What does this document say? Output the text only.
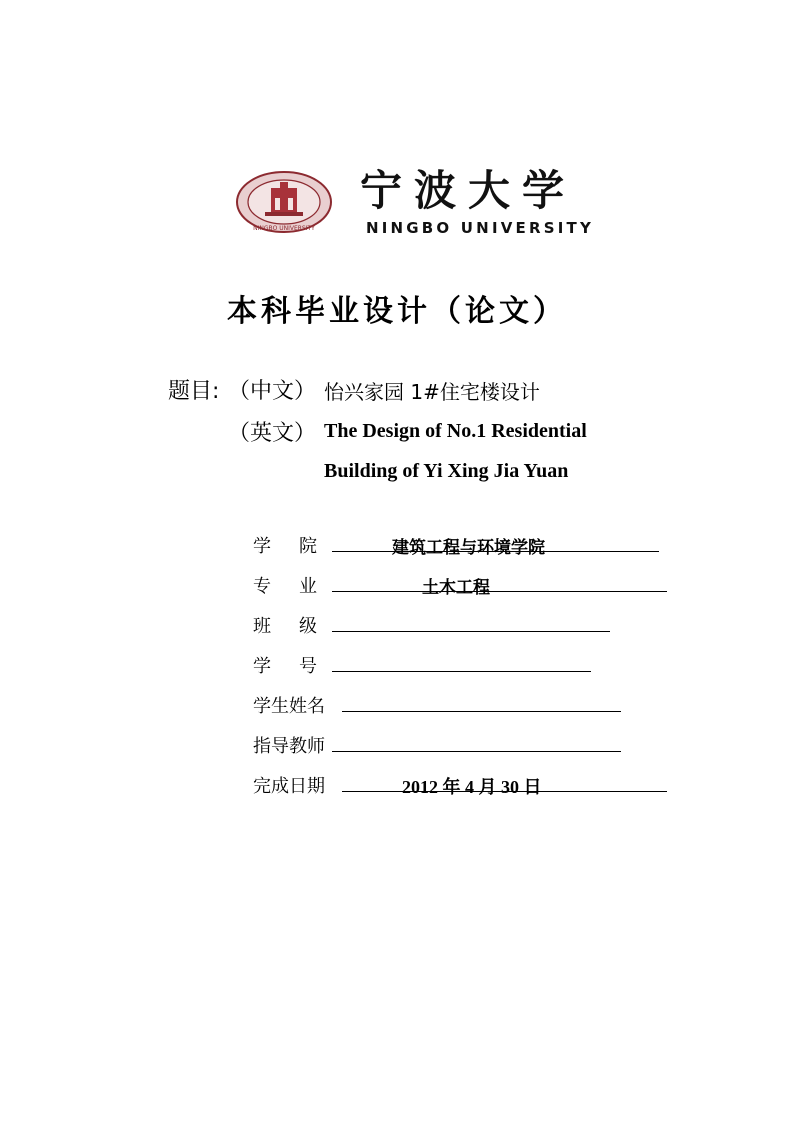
NINGBO UNIVERSITY
宁波大学
NINGBO UNIVERSITY
本科毕业设计（论文）
题目: （中文） 怡兴家园 1#住宅楼设计
（英文） The Design of No.1 Residential
Building of Yi Xing Jia Yuan
学院	建筑工程与环境学院
专业	土木工程
班级
学号
学生姓名
指导教师
完成日期	2012 年 4 月 30 日
